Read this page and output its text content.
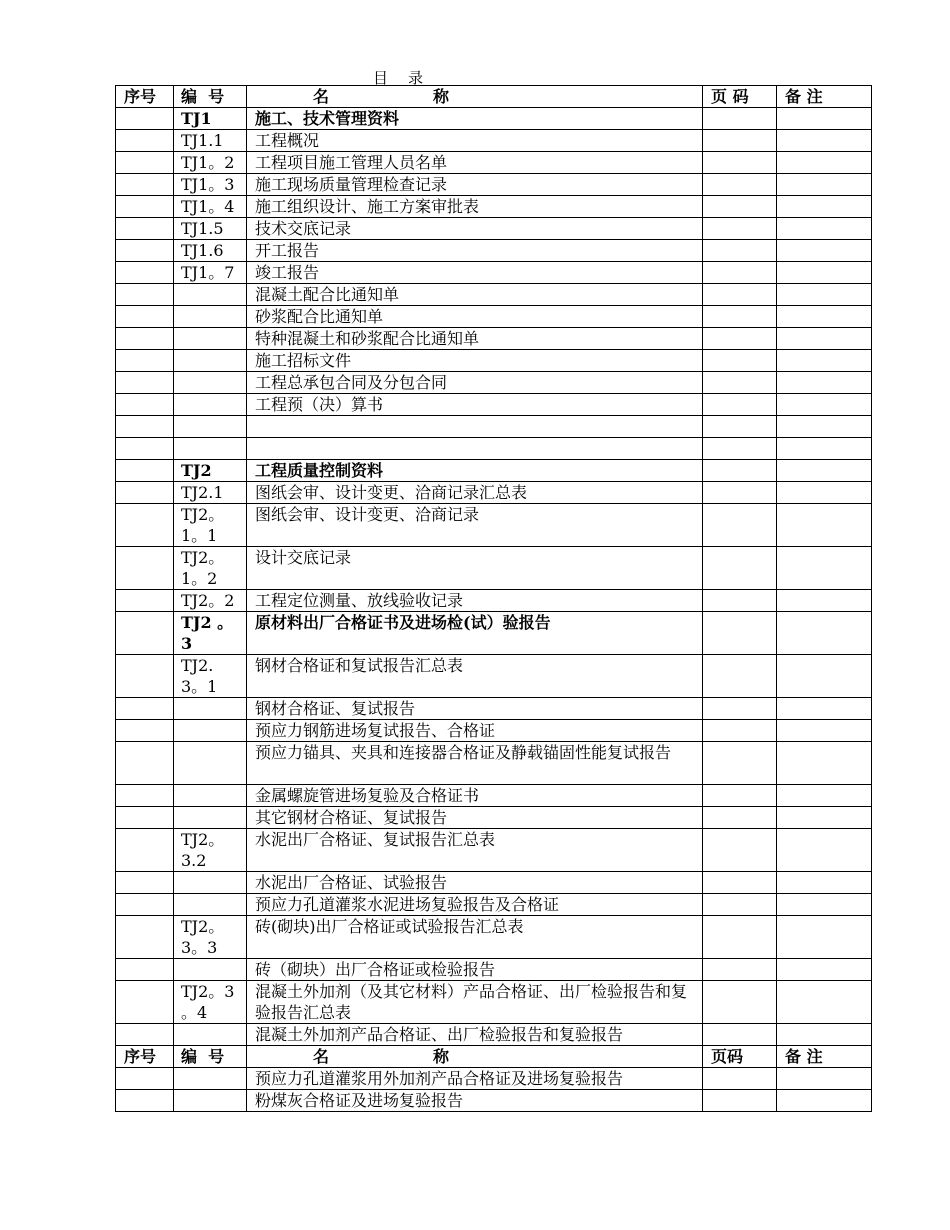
目 录
序号	编  号	名 称	页 码	备 注
	TJ1	施工、技术管理资料		
	TJ1.1	工程概况		
	TJ1。2	工程项目施工管理人员名单		
	TJ1。3	施工现场质量管理检查记录		
	TJ1。4	施工组织设计、施工方案审批表		
	TJ1.5	技术交底记录		
	TJ1.6	开工报告		
	TJ1。7	竣工报告		
		混凝土配合比通知单		
		砂浆配合比通知单		
		特种混凝土和砂浆配合比通知单		
		施工招标文件		
		工程总承包合同及分包合同		
		工程预（决）算书		

	TJ2	工程质量控制资料		
	TJ2.1	图纸会审、设计变更、洽商记录汇总表		
	TJ2。1。1	图纸会审、设计变更、洽商记录		
	TJ2。1。2	设计交底记录		
	TJ2。2	工程定位测量、放线验收记录		
	TJ2 。3	原材料出厂合格证书及进场检(试）验报告		
	TJ2.3。1	钢材合格证和复试报告汇总表		
		钢材合格证、复试报告		
		预应力钢筋进场复试报告、合格证		
		预应力锚具、夹具和连接器合格证及静载锚固性能复试报告		
		金属螺旋管进场复验及合格证书		
		其它钢材合格证、复试报告		
	TJ2。3.2	水泥出厂合格证、复试报告汇总表		
		水泥出厂合格证、试验报告		
		预应力孔道灌浆水泥进场复验报告及合格证		
	TJ2。3。3	砖(砌块)出厂合格证或试验报告汇总表		
		砖（砌块）出厂合格证或检验报告		
	TJ2。3 。4	混凝土外加剂（及其它材料）产品合格证、出厂检验报告和复验报告汇总表		
		混凝土外加剂产品合格证、出厂检验报告和复验报告		
序号	编  号	名 称	页码	备 注
		预应力孔道灌浆用外加剂产品合格证及进场复验报告		
		粉煤灰合格证及进场复验报告		
